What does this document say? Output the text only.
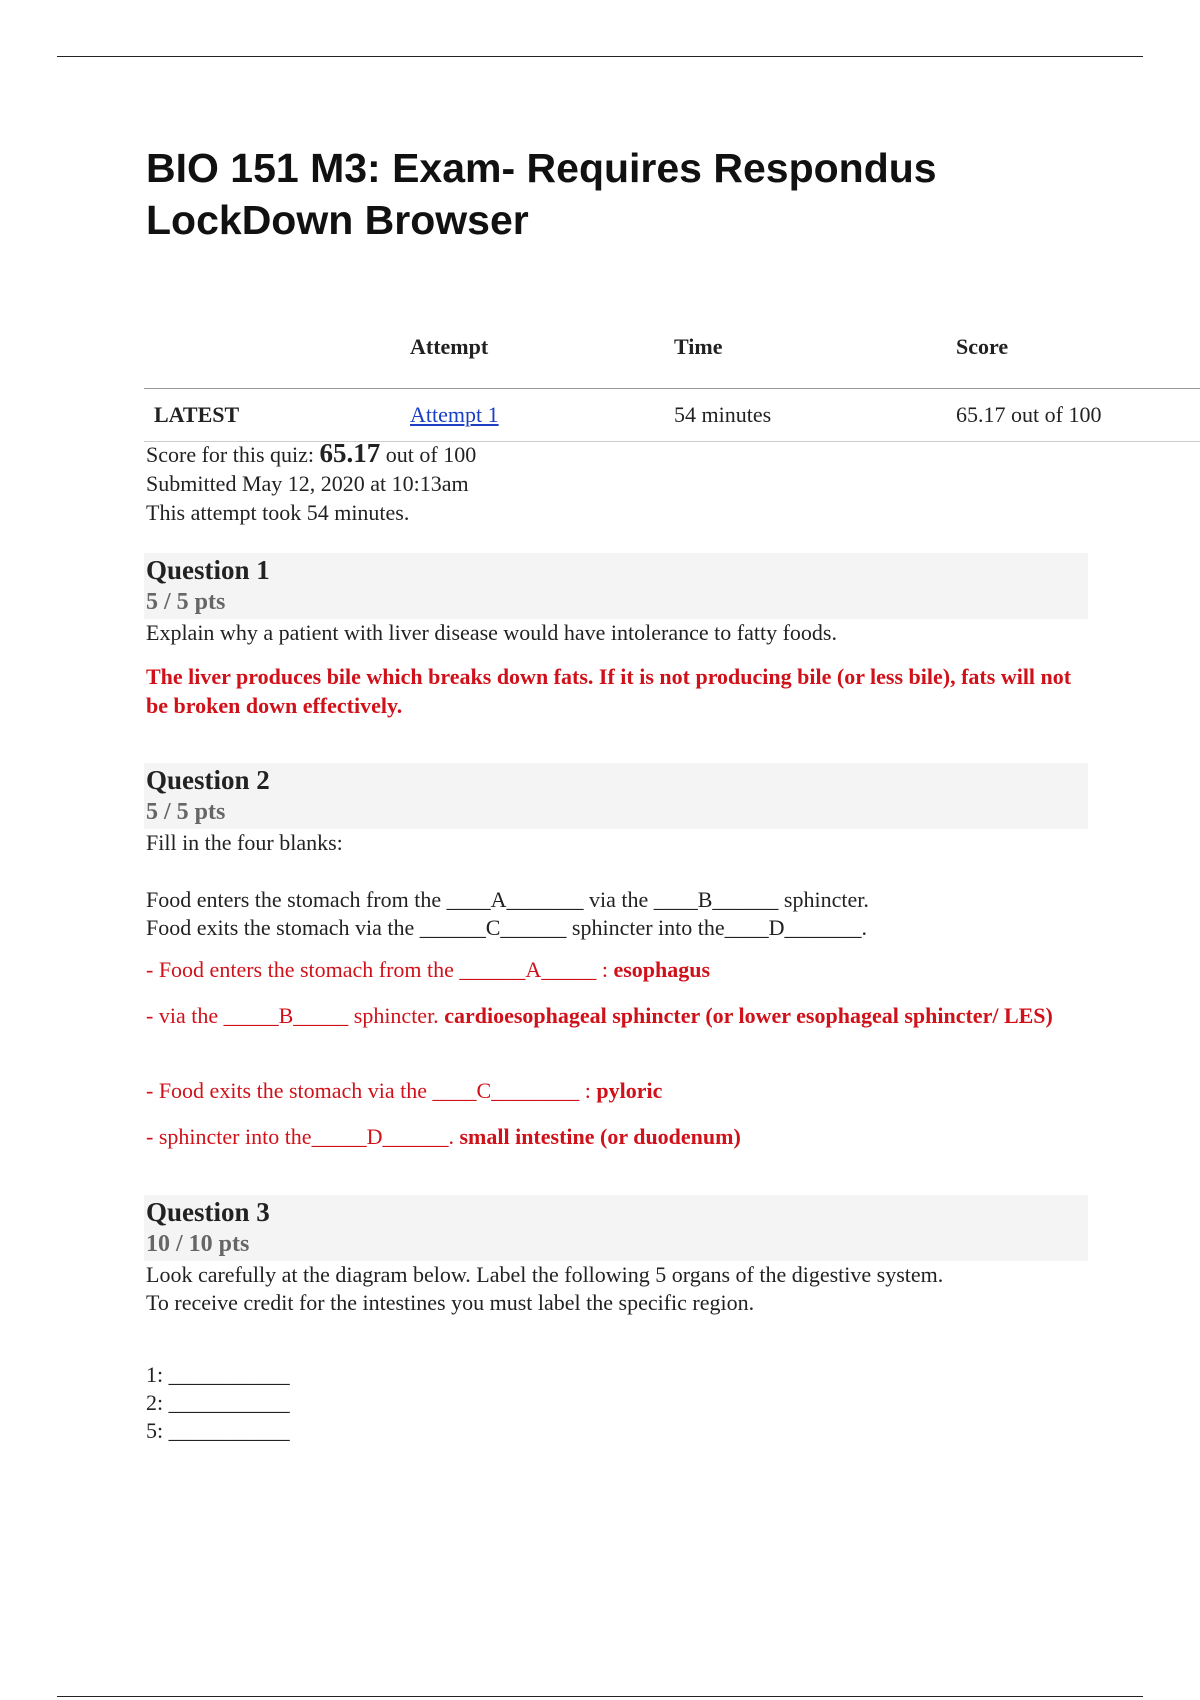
BIO 151 M3: Exam- Requires Respondus LockDown Browser
	Attempt	Time	Score
LATEST	Attempt 1	54 minutes	65.17 out of 100
Score for this quiz: 65.17 out of 100
Submitted May 12, 2020 at 10:13am
This attempt took 54 minutes.
Question 1
5 / 5 pts
Explain why a patient with liver disease would have intolerance to fatty foods.
The liver produces bile which breaks down fats. If it is not producing bile (or less bile), fats will not be broken down effectively.
Question 2
5 / 5 pts
Fill in the four blanks:
Food enters the stomach from the ____A_______ via the ____B______ sphincter.
Food exits the stomach via the ______C______ sphincter into the____D_______.
- Food enters the stomach from the ______A_____ : esophagus
- via the _____B_____ sphincter. cardioesophageal sphincter (or lower esophageal sphincter/ LES)
- Food exits the stomach via the ____C________ : pyloric
- sphincter into the_____D______. small intestine (or duodenum)
Question 3
10 / 10 pts
Look carefully at the diagram below. Label the following 5 organs of the digestive system.
To receive credit for the intestines you must label the specific region.
1: ___________
2: ___________
5: ___________
